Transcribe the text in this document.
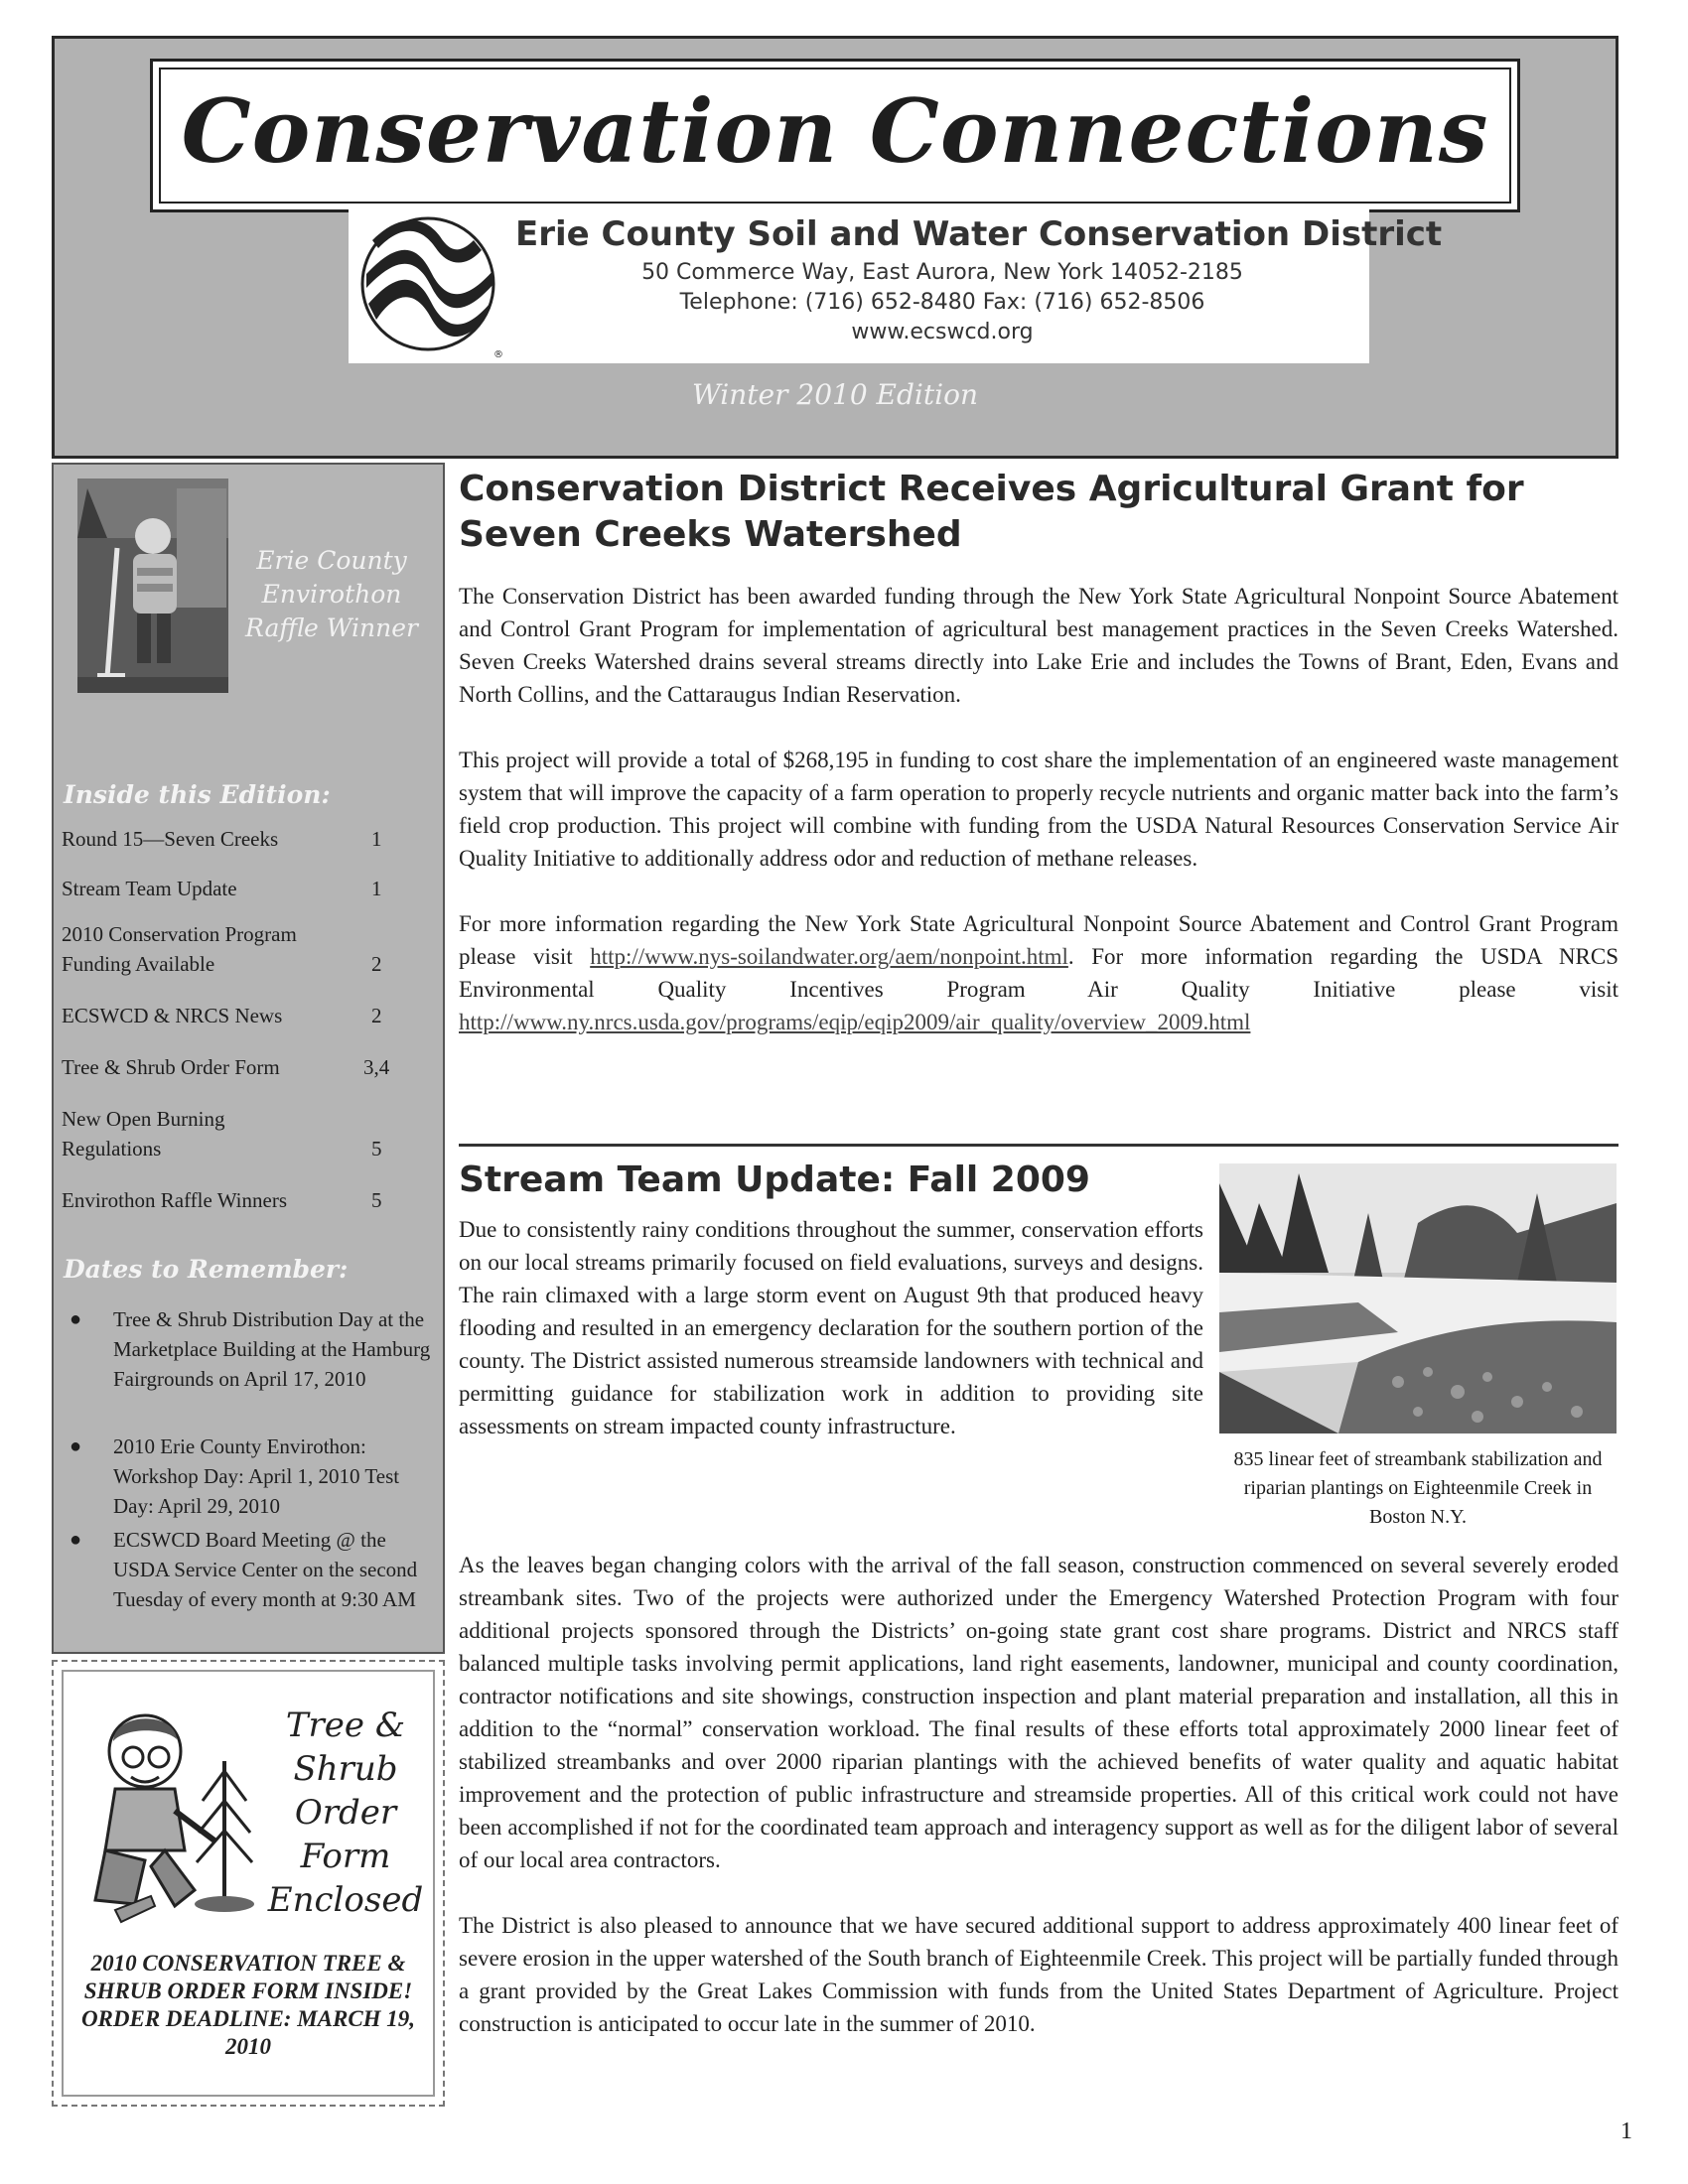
Conservation Connections
®
Erie County Soil and Water Conservation District
50 Commerce Way, East Aurora, New York 14052-2185
Telephone: (716) 652-8480 Fax: (716) 652-8506
www.ecswcd.org
Winter 2010 Edition
Erie County Envirothon Raffle Winner
Inside this Edition:
Round 15—Seven Creeks	1
Stream Team Update	1
2010 Conservation Program Funding Available	2
ECSWCD & NRCS News	2
Tree & Shrub Order Form	3,4
New Open Burning Regulations	5
Envirothon Raffle Winners	5
Dates to Remember:
● Tree & Shrub Distribution Day at the Marketplace Building at the Hamburg Fairgrounds on April 17, 2010
● 2010 Erie County Envirothon: Workshop Day: April 1, 2010 Test Day: April 29, 2010
● ECSWCD Board Meeting @ the USDA Service Center on the second Tuesday of every month at 9:30 AM
Tree & Shrub Order Form Enclosed
2010 CONSERVATION TREE & SHRUB ORDER FORM INSIDE! ORDER DEADLINE: MARCH 19, 2010
Conservation District Receives Agricultural Grant for Seven Creeks Watershed

The Conservation District has been awarded funding through the New York State Agricultural Nonpoint Source Abatement and Control Grant Program for implementation of agricultural best management practices in the Seven Creeks Watershed. Seven Creeks Watershed drains several streams directly into Lake Erie and includes the Towns of Brant, Eden, Evans and North Collins, and the Cattaraugus Indian Reservation.

This project will provide a total of $268,195 in funding to cost share the implementation of an engineered waste management system that will improve the capacity of a farm operation to properly recycle nutrients and organic matter back into the farm’s field crop production. This project will combine with funding from the USDA Natural Resources Conservation Service Air Quality Initiative to additionally address odor and reduction of methane releases.

For more information regarding the New York State Agricultural Nonpoint Source Abatement and Control Grant Program please visit http://www.nys-soilandwater.org/aem/nonpoint.html. For more information regarding the USDA NRCS Environmental Quality Incentives Program Air Quality Initiative please visit http://www.ny.nrcs.usda.gov/programs/eqip/eqip2009/air_quality/overview_2009.html

Stream Team Update: Fall 2009

Due to consistently rainy conditions throughout the summer, conservation efforts on our local streams primarily focused on field evaluations, surveys and designs. The rain climaxed with a large storm event on August 9th that produced heavy flooding and resulted in an emergency declaration for the southern portion of the county. The District assisted numerous streamside landowners with technical and permitting guidance for stabilization work in addition to providing site assessments on stream impacted county infrastructure.

835 linear feet of streambank stabilization and riparian plantings on Eighteenmile Creek in Boston N.Y.

As the leaves began changing colors with the arrival of the fall season, construction commenced on several severely eroded streambank sites. Two of the projects were authorized under the Emergency Watershed Protection Program with four additional projects sponsored through the Districts’ on-going state grant cost share programs. District and NRCS staff balanced multiple tasks involving permit applications, land right easements, landowner, municipal and county coordination, contractor notifications and site showings, construction inspection and plant material preparation and installation, all this in addition to the “normal” conservation workload. The final results of these efforts total approximately 2000 linear feet of stabilized streambanks and over 2000 riparian plantings with the achieved benefits of water quality and aquatic habitat improvement and the protection of public infrastructure and streamside properties. All of this critical work could not have been accomplished if not for the coordinated team approach and interagency support as well as for the diligent labor of several of our local area contractors.

The District is also pleased to announce that we have secured additional support to address approximately 400 linear feet of severe erosion in the upper watershed of the South branch of Eighteenmile Creek. This project will be partially funded through a grant provided by the Great Lakes Commission with funds from the United States Department of Agriculture. Project construction is anticipated to occur late in the summer of 2010.

1
